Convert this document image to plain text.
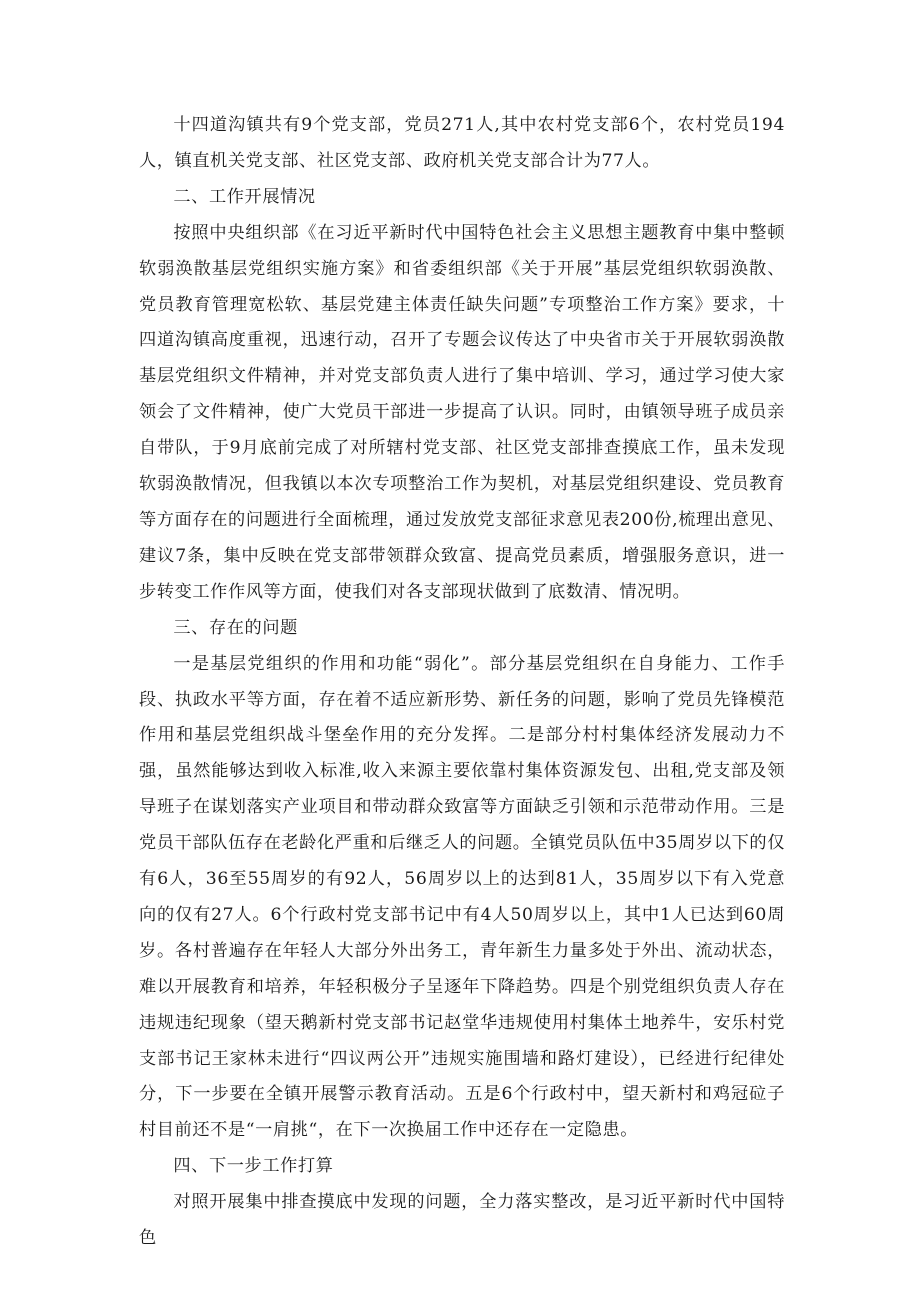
十四道沟镇共有9个党支部，党员271人,其中农村党支部6个，农村党员194人，镇直机关党支部、社区党支部、政府机关党支部合计为77人。

二、工作开展情况

按照中央组织部《在习近平新时代中国特色社会主义思想主题教育中集中整顿软弱涣散基层党组织实施方案》和省委组织部《关于开展”基层党组织软弱涣散、党员教育管理宽松软、基层党建主体责任缺失问题”专项整治工作方案》要求，十四道沟镇高度重视，迅速行动，召开了专题会议传达了中央省市关于开展软弱涣散基层党组织文件精神，并对党支部负责人进行了集中培训、学习，通过学习使大家领会了文件精神，使广大党员干部进一步提高了认识。同时，由镇领导班子成员亲自带队，于9月底前完成了对所辖村党支部、社区党支部排查摸底工作，虽未发现软弱涣散情况，但我镇以本次专项整治工作为契机，对基层党组织建设、党员教育等方面存在的问题进行全面梳理，通过发放党支部征求意见表200份,梳理出意见、建议7条，集中反映在党支部带领群众致富、提高党员素质，增强服务意识，进一步转变工作作风等方面，使我们对各支部现状做到了底数清、情况明。

三、存在的问题

一是基层党组织的作用和功能“弱化”。部分基层党组织在自身能力、工作手段、执政水平等方面，存在着不适应新形势、新任务的问题，影响了党员先锋模范作用和基层党组织战斗堡垒作用的充分发挥。二是部分村村集体经济发展动力不强，虽然能够达到收入标准,收入来源主要依靠村集体资源发包、出租,党支部及领导班子在谋划落实产业项目和带动群众致富等方面缺乏引领和示范带动作用。三是党员干部队伍存在老龄化严重和后继乏人的问题。全镇党员队伍中35周岁以下的仅有6人，36至55周岁的有92人，56周岁以上的达到81人，35周岁以下有入党意向的仅有27人。6个行政村党支部书记中有4人50周岁以上，其中1人已达到60周岁。各村普遍存在年轻人大部分外出务工，青年新生力量多处于外出、流动状态，难以开展教育和培养，年轻积极分子呈逐年下降趋势。四是个别党组织负责人存在违规违纪现象（望天鹅新村党支部书记赵堂华违规使用村集体土地养牛，安乐村党支部书记王家林未进行“四议两公开”违规实施围墙和路灯建设），已经进行纪律处分，下一步要在全镇开展警示教育活动。五是6个行政村中，望天新村和鸡冠砬子村目前还不是“一肩挑“，在下一次换届工作中还存在一定隐患。

四、下一步工作打算

对照开展集中排查摸底中发现的问题，全力落实整改，是习近平新时代中国特色
